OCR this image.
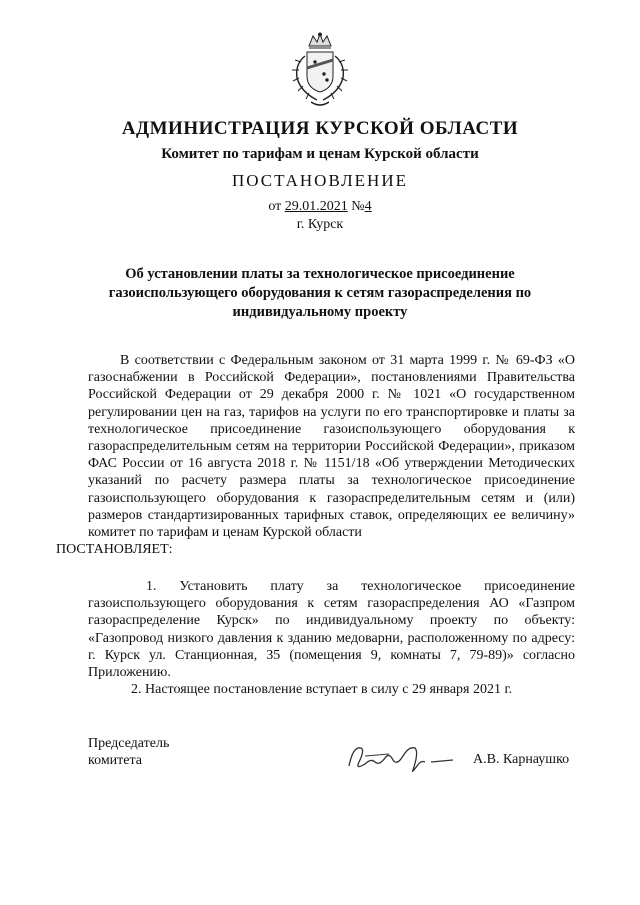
АДМИНИСТРАЦИЯ КУРСКОЙ ОБЛАСТИ
Комитет по тарифам и ценам Курской области
ПОСТАНОВЛЕНИЕ
от 29.01.2021 №4
г. Курск
Об установлении платы за технологическое присоединение газоиспользующего оборудования к сетям газораспределения по индивидуальному проекту
В соответствии с Федеральным законом от 31 марта 1999 г. № 69-ФЗ «О газоснабжении в Российской Федерации», постановлениями Правительства Российской Федерации от 29 декабря 2000 г. № 1021 «О государственном регулировании цен на газ, тарифов на услуги по его транспортировке и платы за технологическое присоединение газоиспользующего оборудования к газораспределительным сетям на территории Российской Федерации», приказом ФАС России от 16 августа 2018 г. № 1151/18 «Об утверждении Методических указаний по расчету размера платы за технологическое присоединение газоиспользующего оборудования к газораспределительным сетям и (или) размеров стандартизированных тарифных ставок, определяющих ее величину» комитет по тарифам и ценам Курской области
ПОСТАНОВЛЯЕТ:
1. Установить плату за технологическое присоединение газоиспользующего оборудования к сетям газораспределения АО «Газпром газораспределение Курск» по индивидуальному проекту по объекту: «Газопровод низкого давления к зданию медоварни, расположенному по адресу: г. Курск ул. Станционная, 35 (помещения 9, комнаты 7, 79-89)» согласно Приложению.
2. Настоящее постановление вступает в силу с 29 января 2021 г.
Председатель
комитета	А.В. Карнаушко
